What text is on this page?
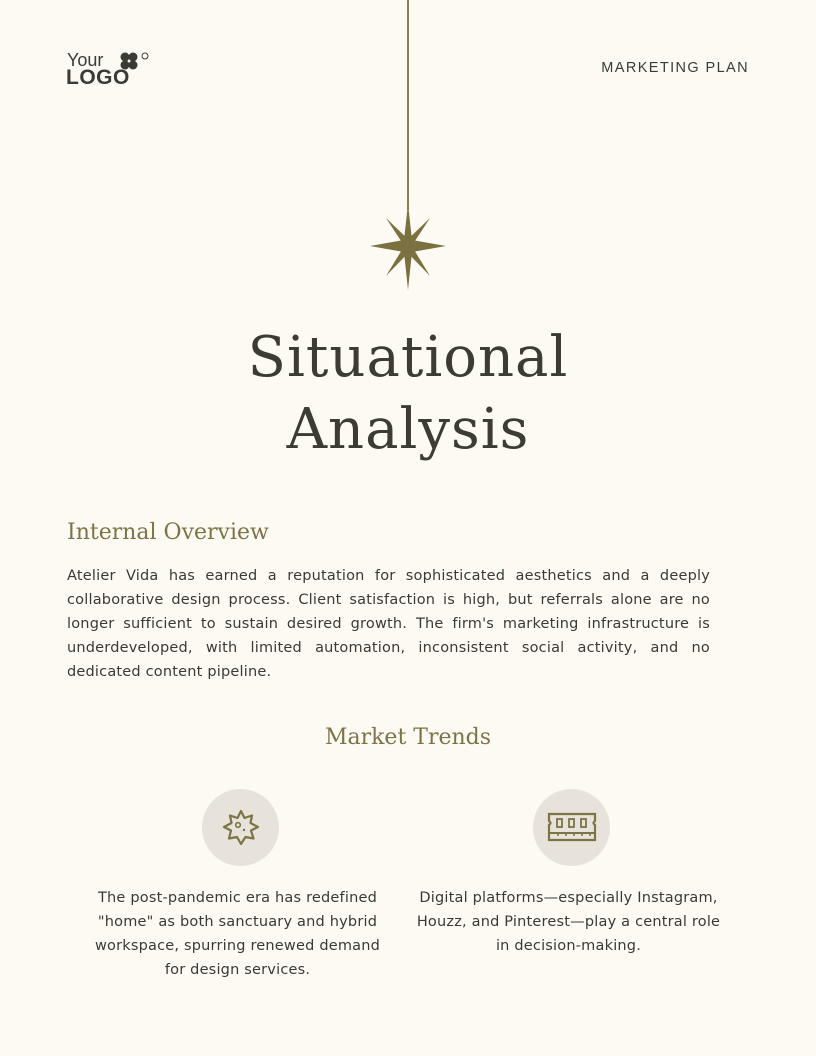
Your
LOGO	MARKETING PLAN
Situational
Analysis
Internal Overview

Atelier Vida has earned a reputation for sophisticated aesthetics and a deeply collaborative design process. Client satisfaction is high, but referrals alone are no longer sufficient to sustain desired growth. The firm's marketing infrastructure is underdeveloped, with limited automation, inconsistent social activity, and no dedicated content pipeline.

Market Trends

The post-pandemic era has redefined "home" as both sanctuary and hybrid workspace, spurring renewed demand for design services.

Digital platforms—especially Instagram, Houzz, and Pinterest—play a central role in decision-making.
